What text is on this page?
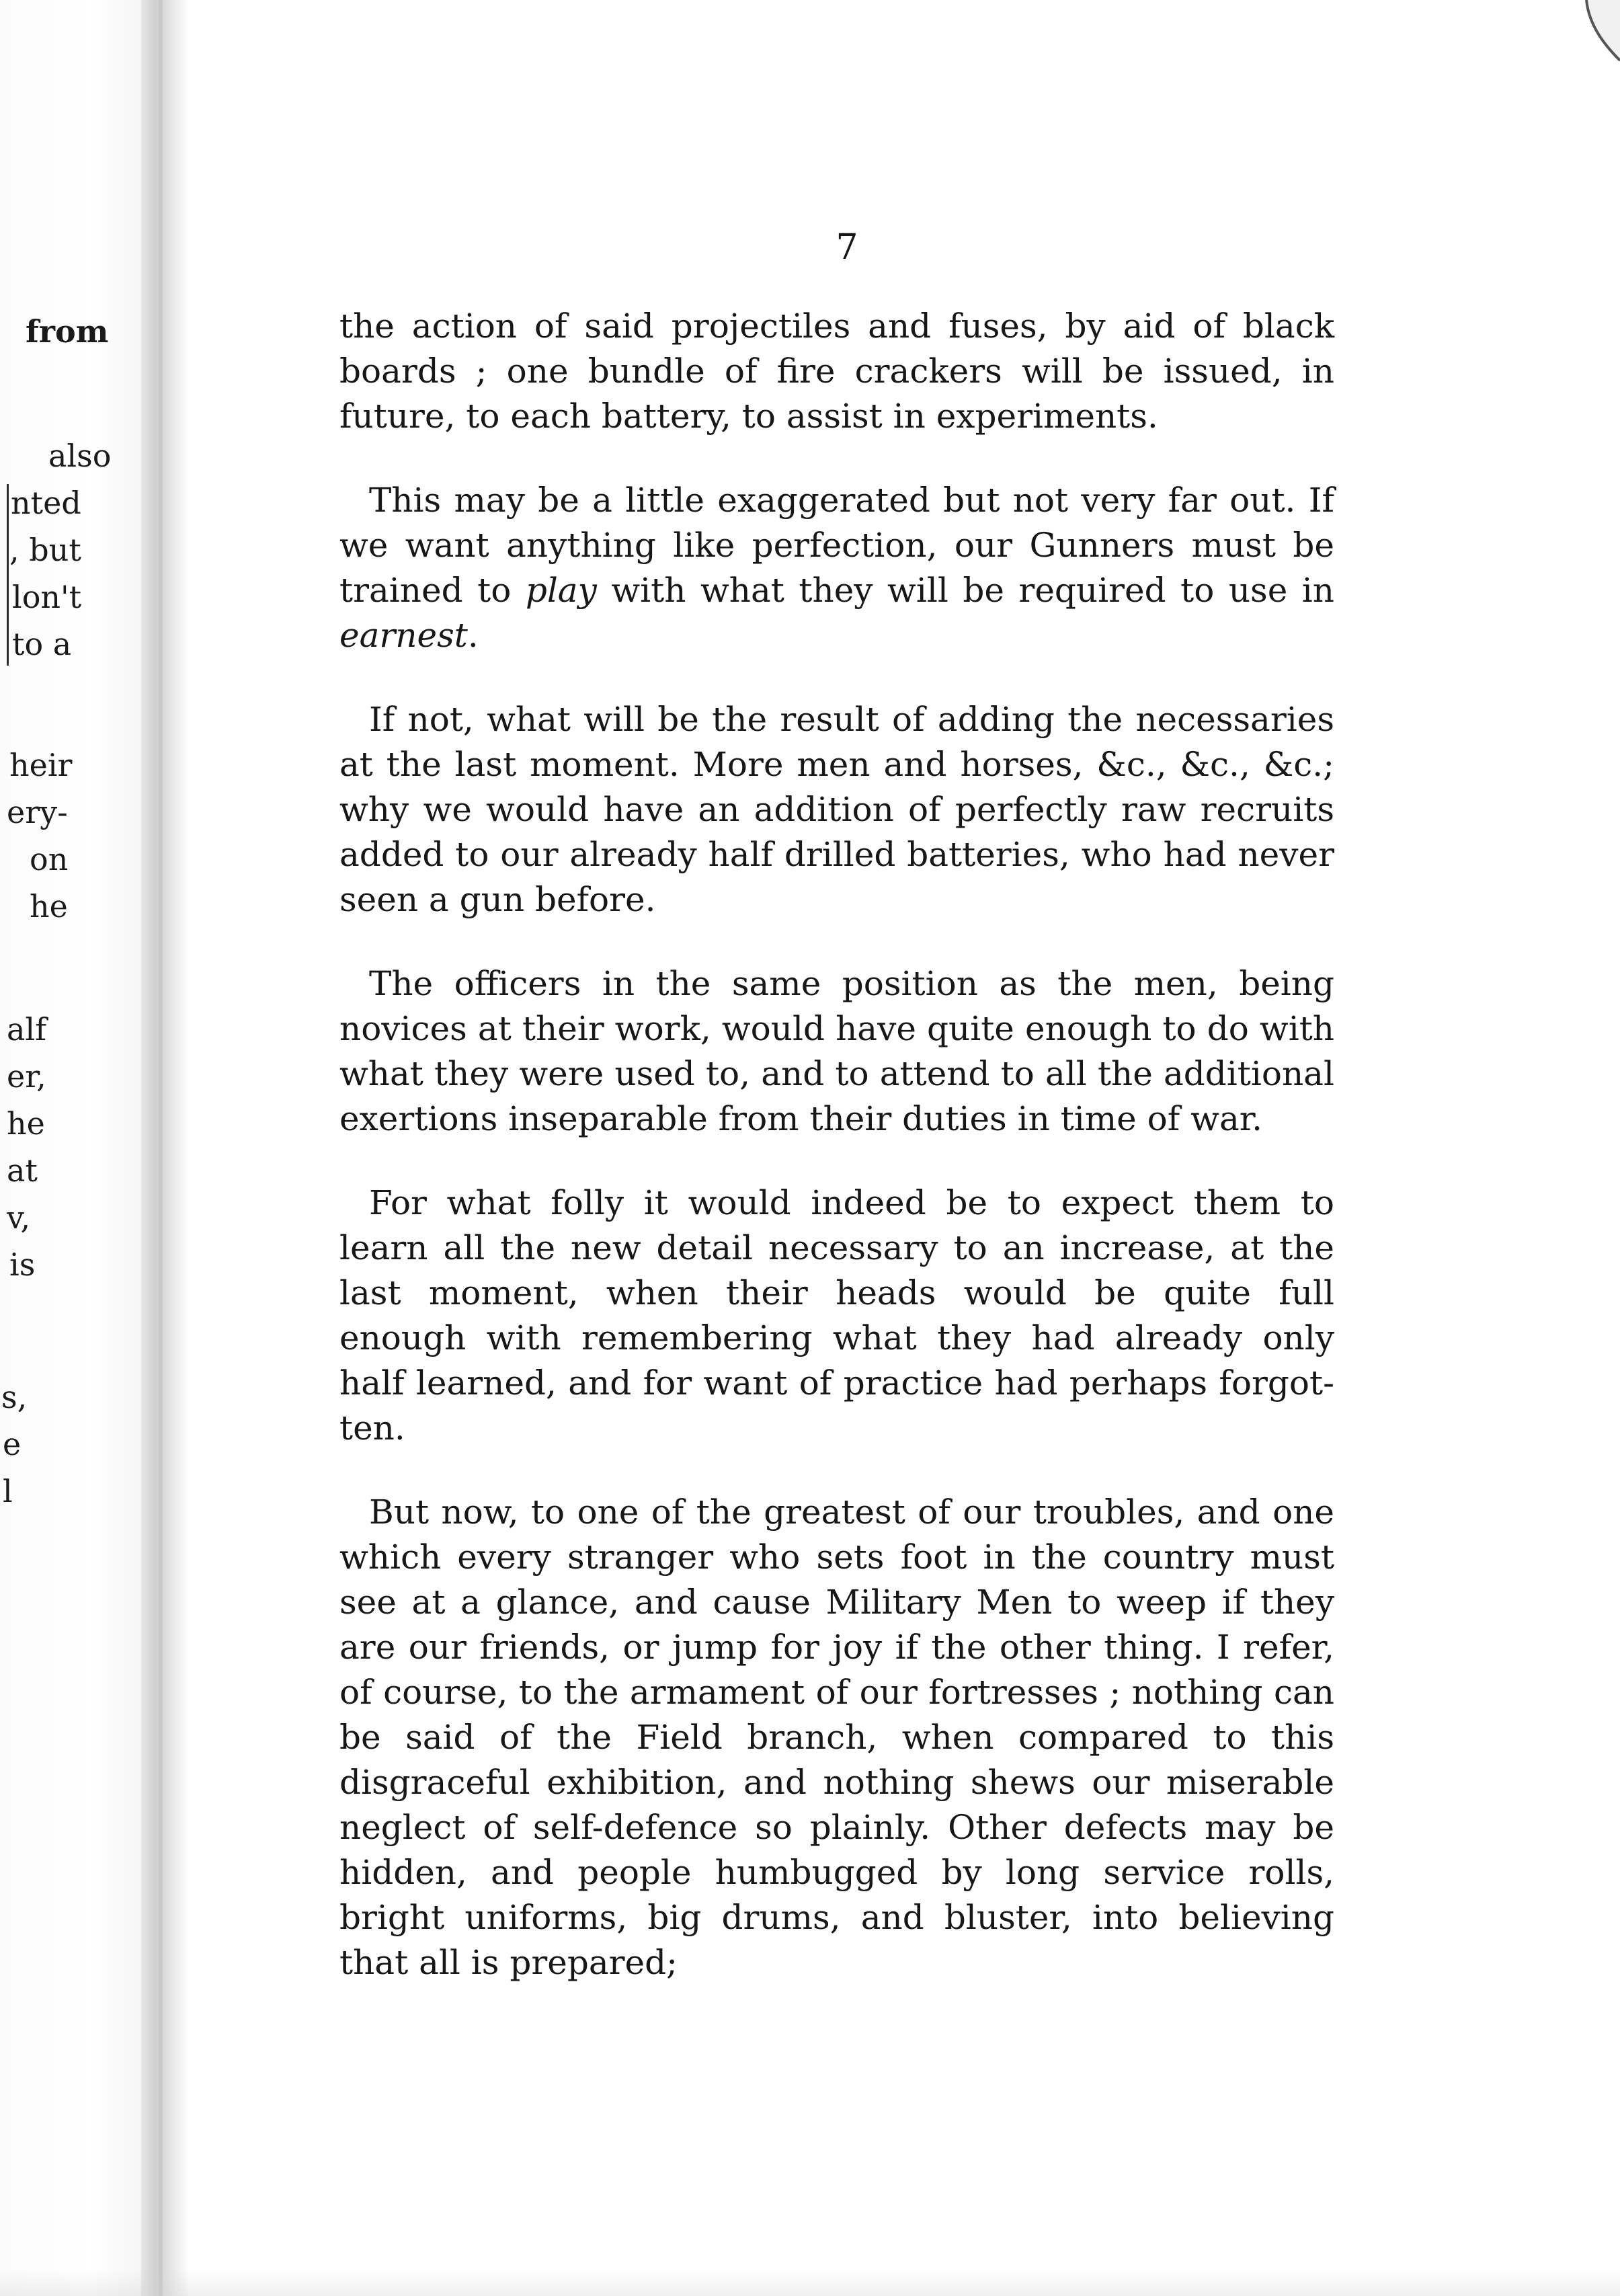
from
also
nted
, but
lon't
to a
heir
ery-
on
he
alf
er,
he
at
v,
is
s,
e
l
7

the action of said projectiles and fuses, by aid of black boards ; one bundle of fire crackers will be issued, in future, to each battery, to assist in experiments.

This may be a little exaggerated but not very far out. If we want anything like perfection, our Gunners must be trained to play with what they will be required to use in earnest.

If not, what will be the result of adding the necessaries at the last moment. More men and horses, &c., &c., &c.; why we would have an addition of perfectly raw recruits added to our already half drilled batteries, who had never seen a gun before.

The officers in the same position as the men, being novices at their work, would have quite enough to do with what they were used to, and to attend to all the additional exertions inseparable from their duties in time of war.

For what folly it would indeed be to expect them to learn all the new detail necessary to an increase, at the last moment, when their heads would be quite full enough with remembering what they had already only half learned, and for want of practice had perhaps forgotten.

But now, to one of the greatest of our troubles, and one which every stranger who sets foot in the country must see at a glance, and cause Military Men to weep if they are our friends, or jump for joy if the other thing. I refer, of course, to the armament of our fortresses ; nothing can be said of the Field branch, when compared to this disgraceful exhibition, and nothing shews our miserable neglect of self-defence so plainly. Other defects may be hidden, and people humbugged by long service rolls, bright uniforms, big drums, and bluster, into believing that all is prepared;
